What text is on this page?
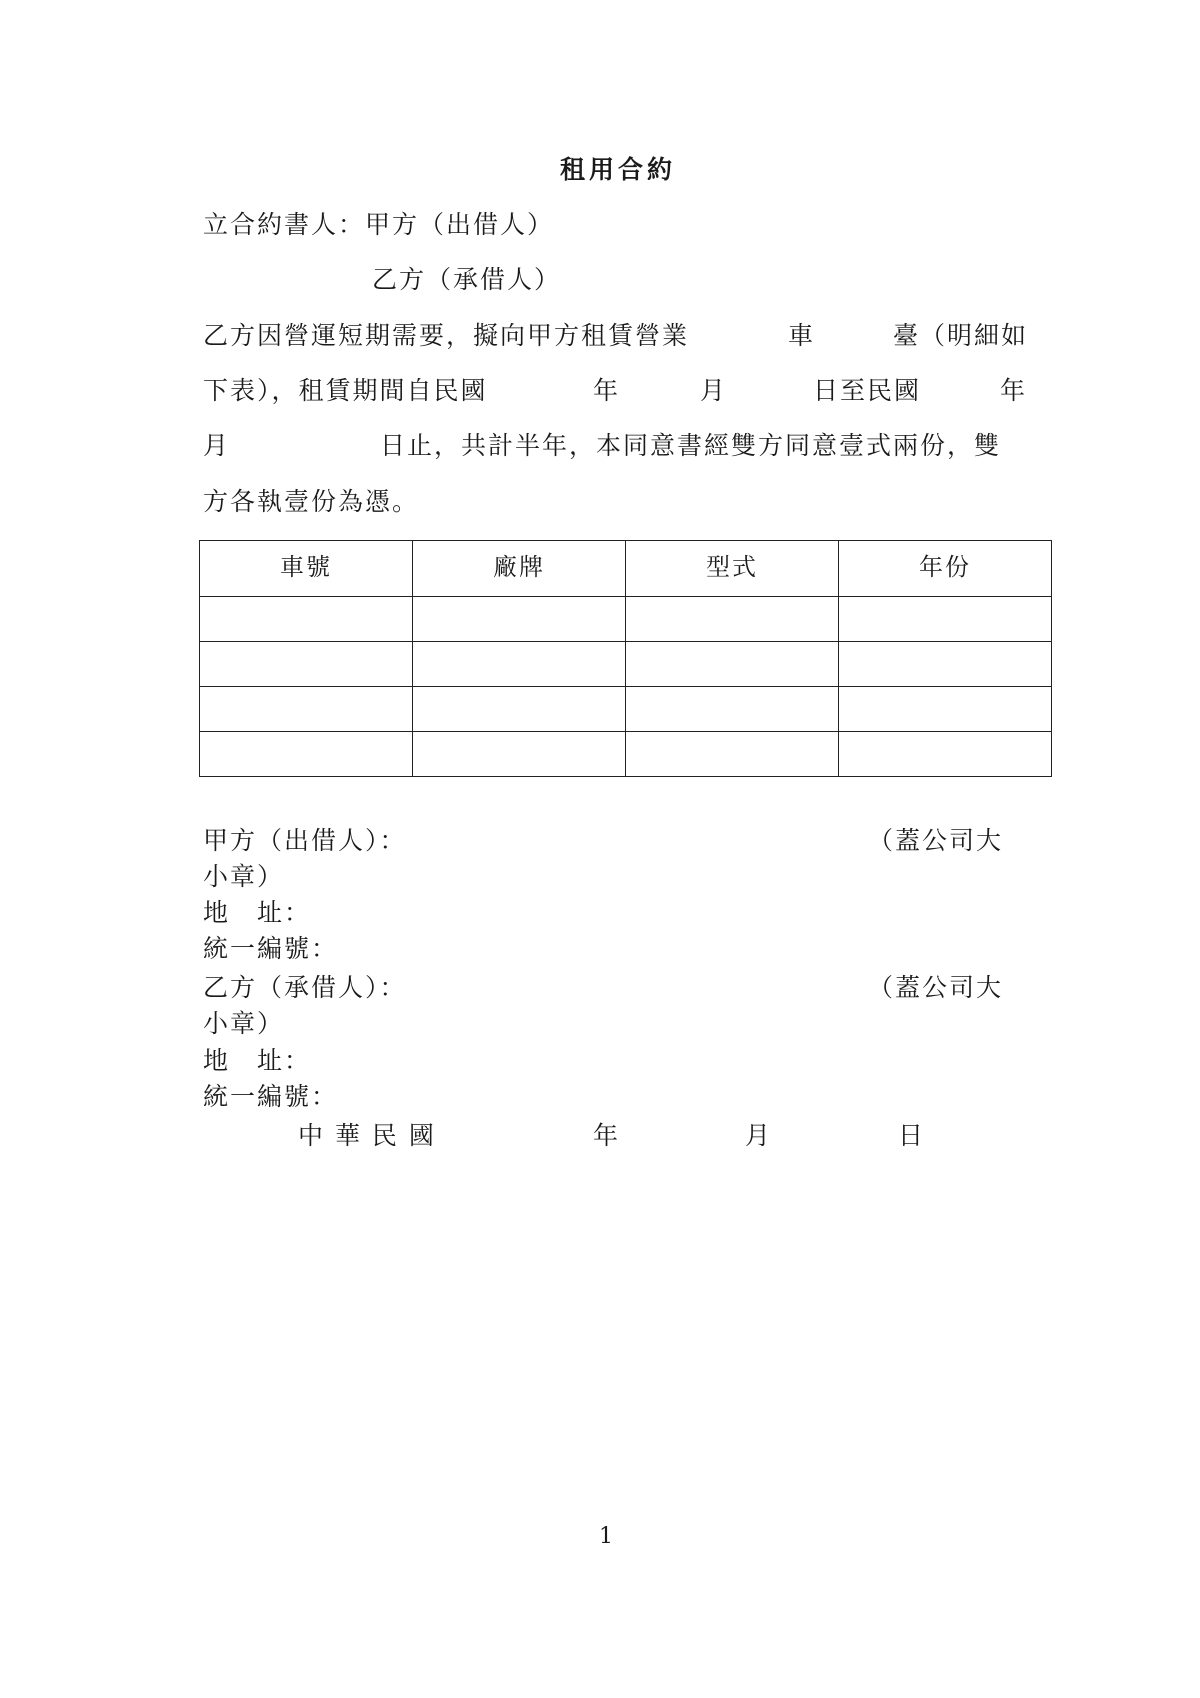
租用合約
立合約書人：甲方（出借人）
乙方（承借人）
乙方因營運短期需要，擬向甲方租賃營業	車	臺（明細如
下表），租賃期間自民國	年	月	日至民國	年
月	日止，共計半年，本同意書經雙方同意壹式兩份，雙
方各執壹份為憑。
車號	廠牌	型式	年份

甲方（出借人）：	（蓋公司大
小章）
地　址：
統一編號：
乙方（承借人）：	（蓋公司大
小章）
地　址：
統一編號：
中 華 民 國	年	月	日
1
